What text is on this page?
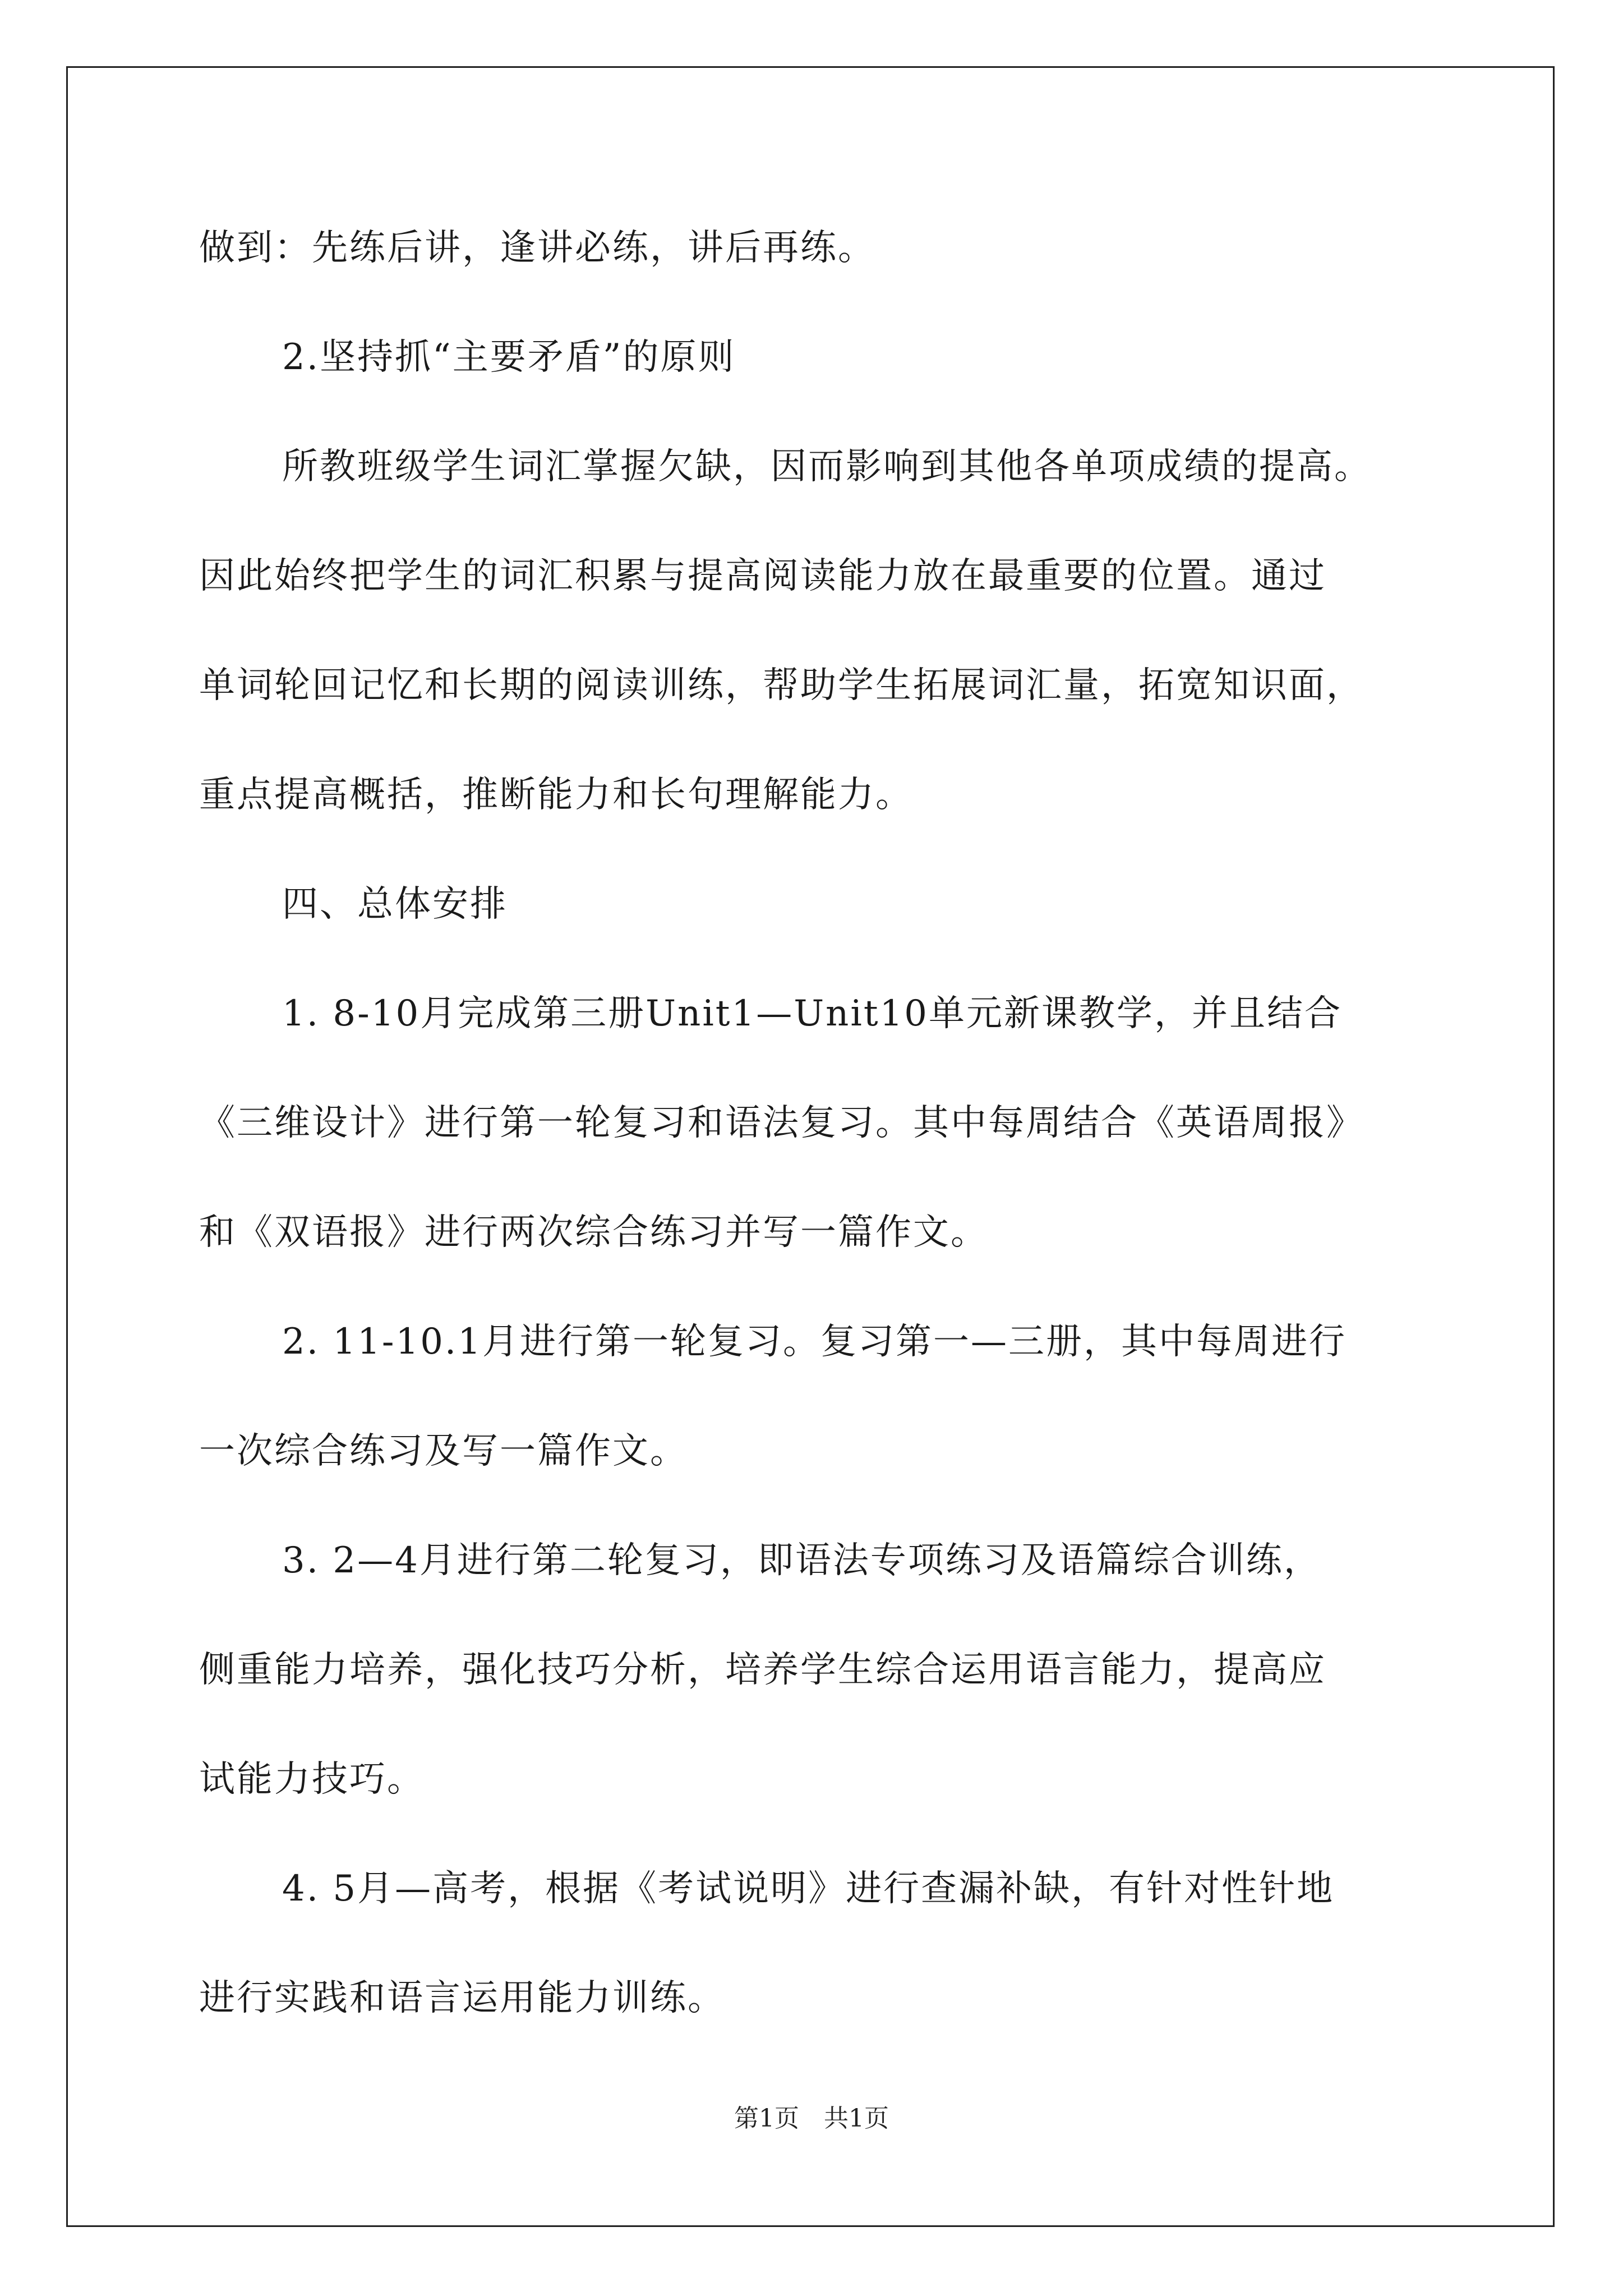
做到：先练后讲，逢讲必练，讲后再练。
2.坚持抓“主要矛盾”的原则
所教班级学生词汇掌握欠缺，因而影响到其他各单项成绩的提高。
因此始终把学生的词汇积累与提高阅读能力放在最重要的位置。通过
单词轮回记忆和长期的阅读训练，帮助学生拓展词汇量，拓宽知识面，
重点提高概括，推断能力和长句理解能力。
四、总体安排
1. 8-10月完成第三册Unit1—Unit10单元新课教学，并且结合
《三维设计》进行第一轮复习和语法复习。其中每周结合《英语周报》
和《双语报》进行两次综合练习并写一篇作文。
2. 11-10.1月进行第一轮复习。复习第一—三册，其中每周进行
一次综合练习及写一篇作文。
3. 2—4月进行第二轮复习，即语法专项练习及语篇综合训练，
侧重能力培养，强化技巧分析，培养学生综合运用语言能力，提高应
试能力技巧。
4. 5月—高考，根据《考试说明》进行查漏补缺，有针对性针地
进行实践和语言运用能力训练。
第1页　共1页
